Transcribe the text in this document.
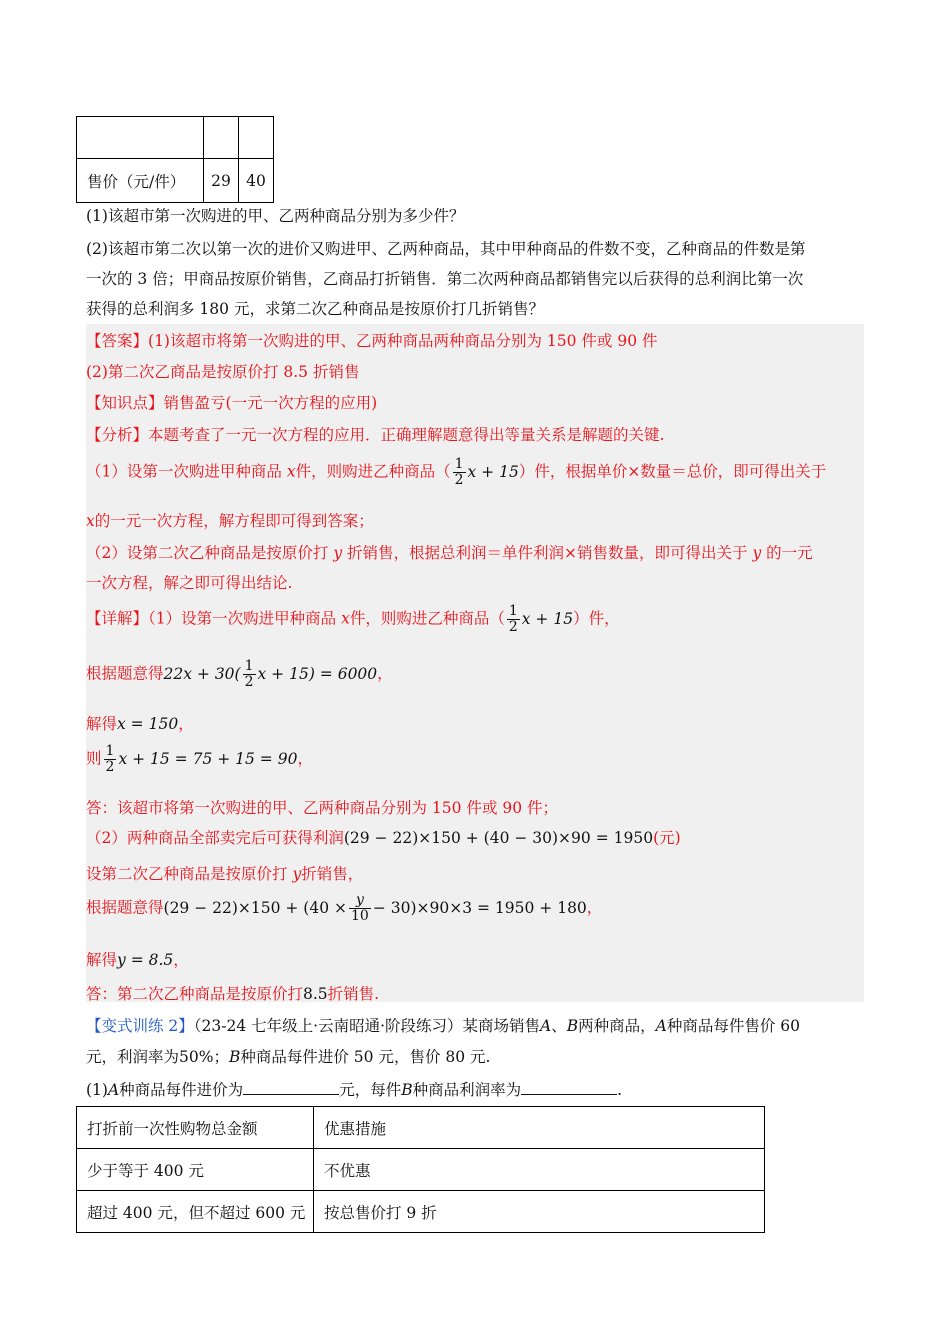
售价（元/件）	29	40
(1)该超市第一次购进的甲、乙两种商品分别为多少件？
(2)该超市第二次以第一次的进价又购进甲、乙两种商品，其中甲种商品的件数不变，乙种商品的件数是第
一次的 3 倍；甲商品按原价销售，乙商品打折销售．第二次两种商品都销售完以后获得的总利润比第一次
获得的总利润多 180 元，求第二次乙种商品是按原价打几折销售？
【答案】(1)该超市将第一次购进的甲、乙两种商品两种商品分别为 150 件或 90 件
(2)第二次乙商品是按原价打 8.5 折销售
【知识点】销售盈亏(一元一次方程的应用)
【分析】本题考查了一元一次方程的应用．正确理解题意得出等量关系是解题的关键.
（1）设第一次购进甲种商品 x件，则购进乙种商品（ $\frac{1}{2}$ x + 15）件，根据单价×数量＝总价，即可得出关于
x的一元一次方程，解方程即可得到答案；
（2）设第二次乙种商品是按原价打 y 折销售，根据总利润＝单件利润×销售数量，即可得出关于 y 的一元
一次方程，解之即可得出结论.
【详解】（1）设第一次购进甲种商品 x件，则购进乙种商品（ $\frac{1}{2}$ x + 15）件，
根据题意得$22x + 30( \frac{1}{2}$ x + 15) = 6000，
解得x = 150，
则 $\frac{1}{2}$ x + 15 = 75 + 15 = 90，
答：该超市将第一次购进的甲、乙两种商品分别为 150 件或 90 件；
（2）两种商品全部卖完后可获得利润(29 − 22)×150 + (40 − 30)×90 = 1950(元)
设第二次乙种商品是按原价打 y折销售，
根据题意得$(29 - 22)\times 150 + (40 \times \frac{y}{10} - 30)\times 90\times 3 = 1950 + 180$，
解得y = 8.5，
答：第二次乙种商品是按原价打8.5折销售.
【变式训练 2】（23-24 七年级上·云南昭通·阶段练习）某商场销售A、B两种商品，A种商品每件售价 60
元，利润率为50%；B种商品每件进价 50 元，售价 80 元.
(1)A种商品每件进价为	元，每件B种商品利润率为	.
打折前一次性购物总金额	优惠措施
少于等于 400 元	不优惠
超过 400 元，但不超过 600 元	按总售价打 9 折
